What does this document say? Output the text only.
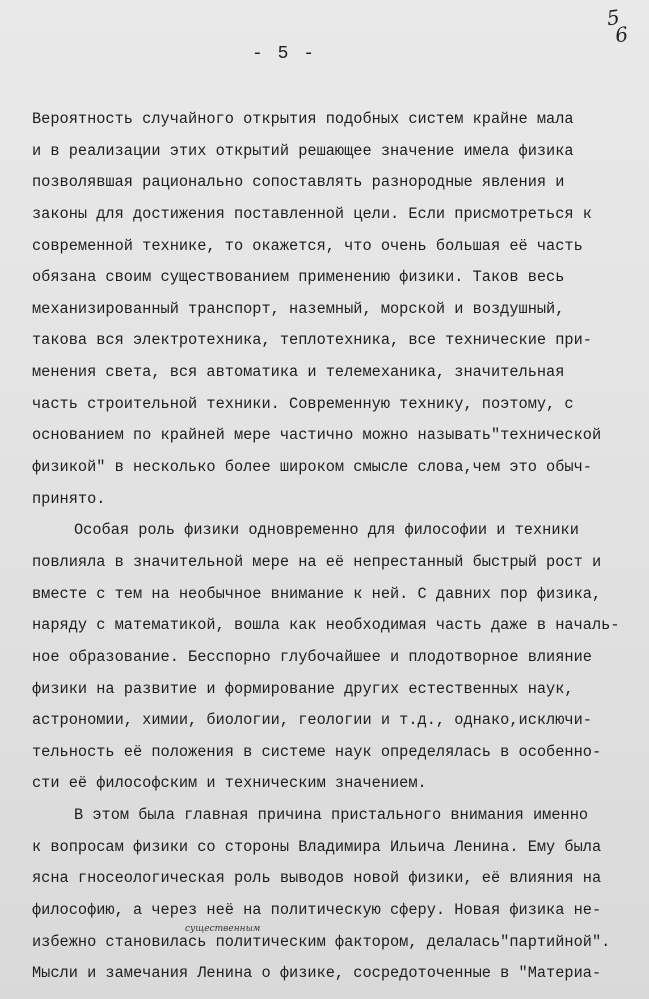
- 5 -
5
6
Вероятность случайного открытия подобных систем крайне мала
и в реализации этих открытий решающее значение имела физика
позволявшая рационально сопоставлять разнородные явления и
законы для достижения поставленной цели. Если присмотреться к
современной технике, то окажется, что очень большая её часть
обязана своим существованием применению физики. Таков весь
механизированный транспорт, наземный, морской и воздушный,
такова вся электротехника, теплотехника, все технические при-
менения света, вся автоматика и телемеханика, значительная
часть строительной техники. Современную технику, поэтому, с
основанием по крайней мере частично можно называть"технической
физикой" в несколько более широком смысле слова,чем это обыч-
принято.
Особая роль физики одновременно для философии и техники
повлияла в значительной мере на её непрестанный быстрый рост и
вместе с тем на необычное внимание к ней. С давних пор физика,
наряду с математикой, вошла как необходимая часть даже в началь-
ное образование. Бесспорно глубочайшее и плодотворное влияние
физики на развитие и формирование других естественных наук,
астрономии, химии, биологии, геологии и т.д., однако,исключи-
тельность её положения в системе наук определялась в особенно-
сти её философским и техническим значением.
В этом была главная причина пристального внимания именно
к вопросам физики со стороны Владимира Ильича Ленина. Ему была
ясна гносеологическая роль выводов новой физики, её влияния на
философию, а через неё на политическую сферу. Новая физика не-
избежно становилась политическим фактором, делалась"партийной".
Мысли и замечания Ленина о физике, сосредоточенные в "Материа-
существенным
